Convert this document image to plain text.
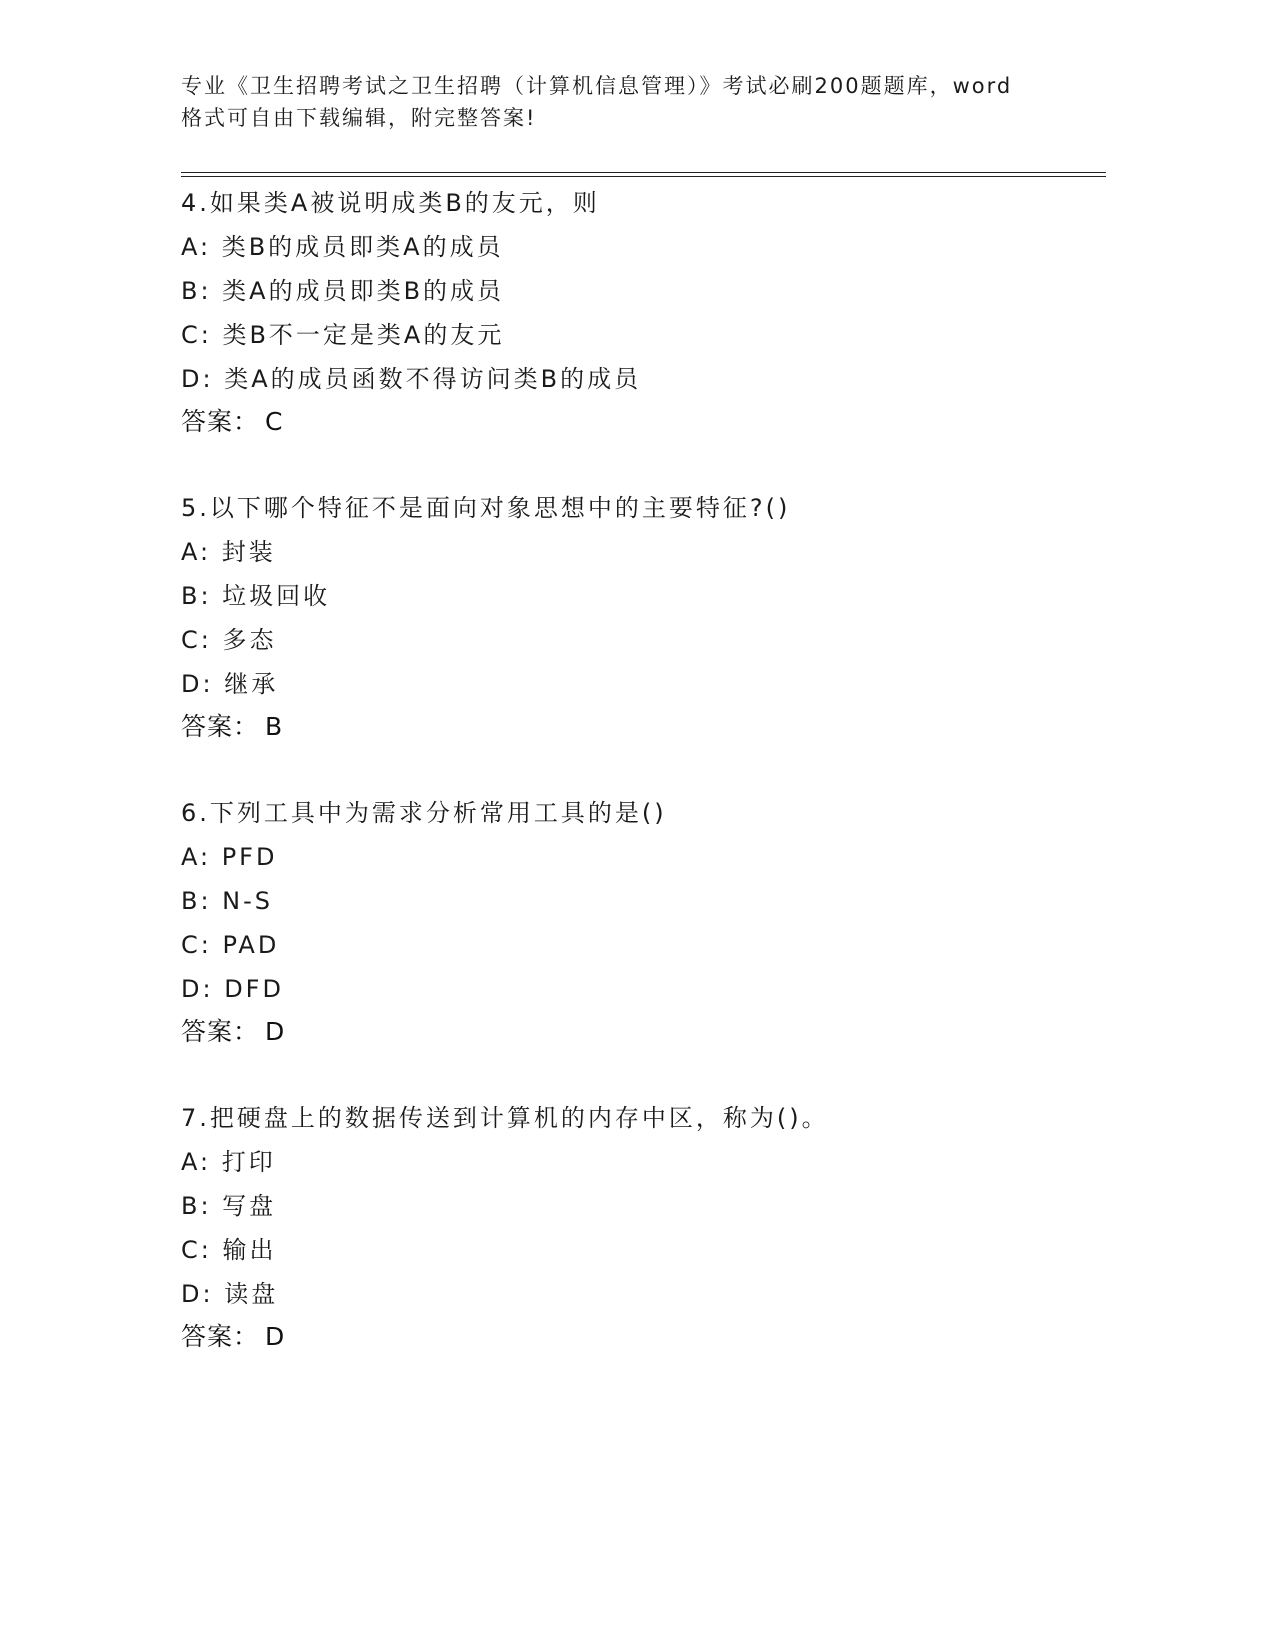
专业《卫生招聘考试之卫生招聘（计算机信息管理）》考试必刷200题题库，word
格式可自由下载编辑，附完整答案!
4.如果类A被说明成类B的友元，则
A: 类B的成员即类A的成员
B: 类A的成员即类B的成员
C: 类B不一定是类A的友元
D: 类A的成员函数不得访问类B的成员
答案： C
5.以下哪个特征不是面向对象思想中的主要特征?()
A: 封装
B: 垃圾回收
C: 多态
D: 继承
答案： B
6.下列工具中为需求分析常用工具的是()
A: PFD
B: N-S
C: PAD
D: DFD
答案： D
7.把硬盘上的数据传送到计算机的内存中区，称为()。
A: 打印
B: 写盘
C: 输出
D: 读盘
答案： D
